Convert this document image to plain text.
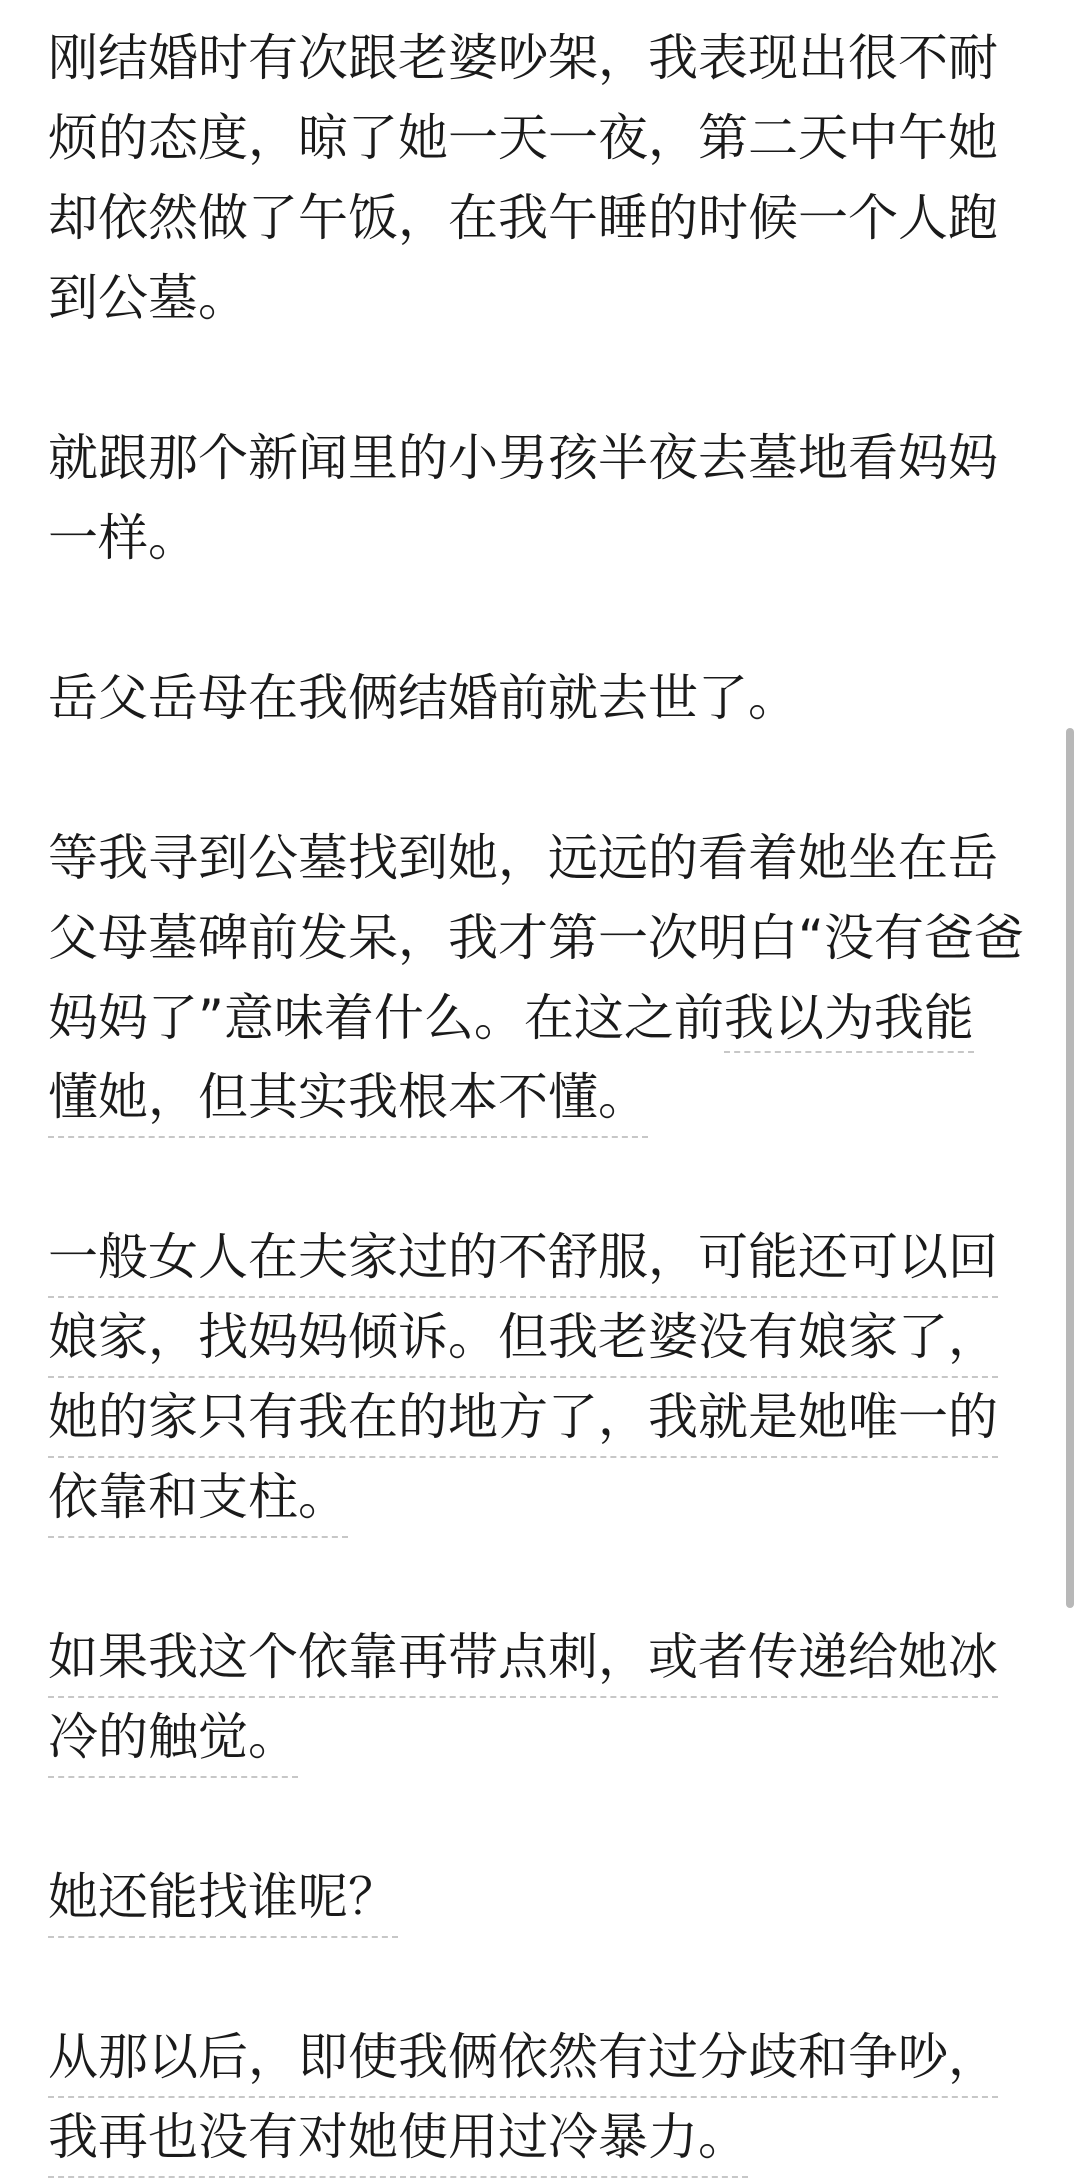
刚结婚时有次跟老婆吵架，我表现出很不耐
烦的态度，晾了她一天一夜，第二天中午她
却依然做了午饭，在我午睡的时候一个人跑
到公墓。

就跟那个新闻里的小男孩半夜去墓地看妈妈
一样。

岳父岳母在我俩结婚前就去世了。

等我寻到公墓找到她，远远的看着她坐在岳
父母墓碑前发呆，我才第一次明白“没有爸爸
妈妈了”意味着什么。在这之前我以为我能
懂她，但其实我根本不懂。

一般女人在夫家过的不舒服，可能还可以回
娘家，找妈妈倾诉。但我老婆没有娘家了，
她的家只有我在的地方了，我就是她唯一的
依靠和支柱。

如果我这个依靠再带点刺，或者传递给她冰
冷的触觉。

她还能找谁呢？

从那以后，即使我俩依然有过分歧和争吵，
我再也没有对她使用过冷暴力。
